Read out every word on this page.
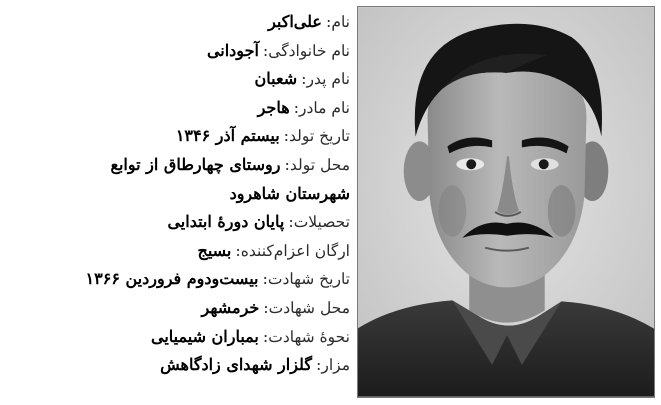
نام
:
علی‌اکبر
نام خانوادگی
:
آجودانی
نام پدر
:
شعبان
نام مادر
:
هاجر
تاریخ تولد
:
بیستم آذر ۱۳۴۶
محل تولد
:
روستای چهارطاق از توابع
شهرستان شاهرود
تحصیلات
:
پایان دورهٔ ابتدایی
ارگان اعزام‌کننده
:
بسیج
تاریخ شهادت
:
بیست‌ودوم فروردین ۱۳۶۶
محل شهادت
:
خرمشهر
نحوهٔ شهادت
:
بمباران شیمیایی
مزار
:
گلزار شهدای زادگاهش
